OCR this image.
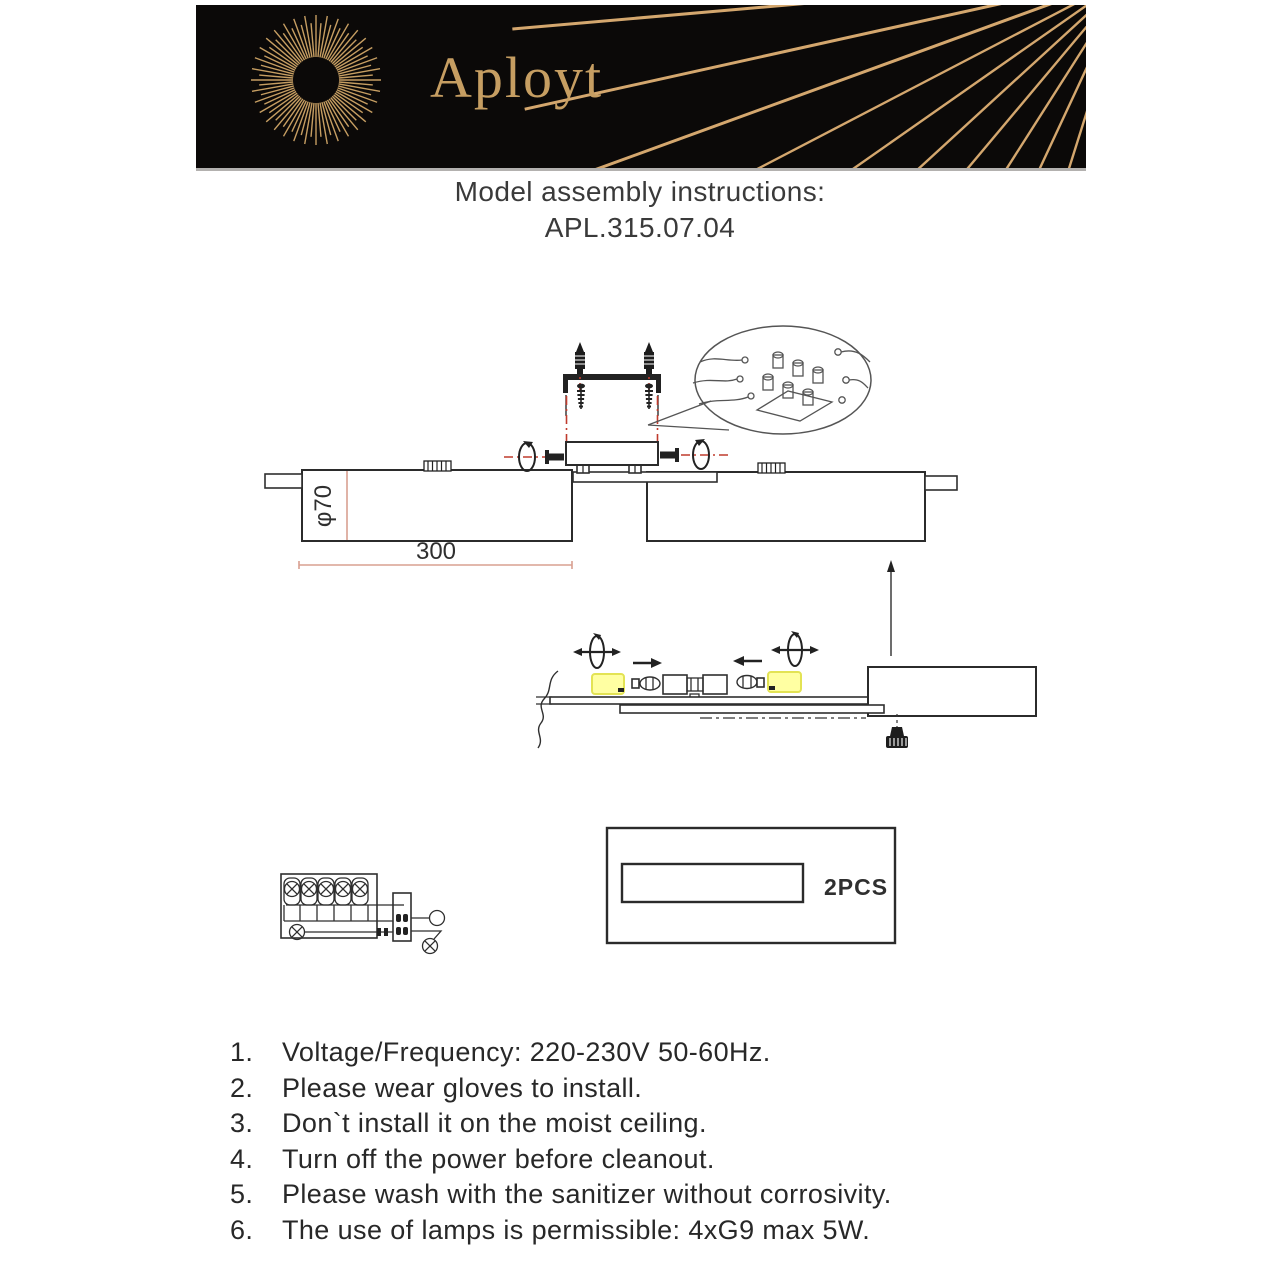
Aployt
Model assembly instructions:
APL.315.07.04
φ70
300
2PCS
1.	Voltage/Frequency: 220-230V 50-60Hz.
2.	Please wear gloves to install.
3.	Don`t install it on the moist ceiling.
4.	Turn off the power before cleanout.
5.	Please wash with the sanitizer without corrosivity.
6.	The use of lamps is permissible: 4xG9 max 5W.
